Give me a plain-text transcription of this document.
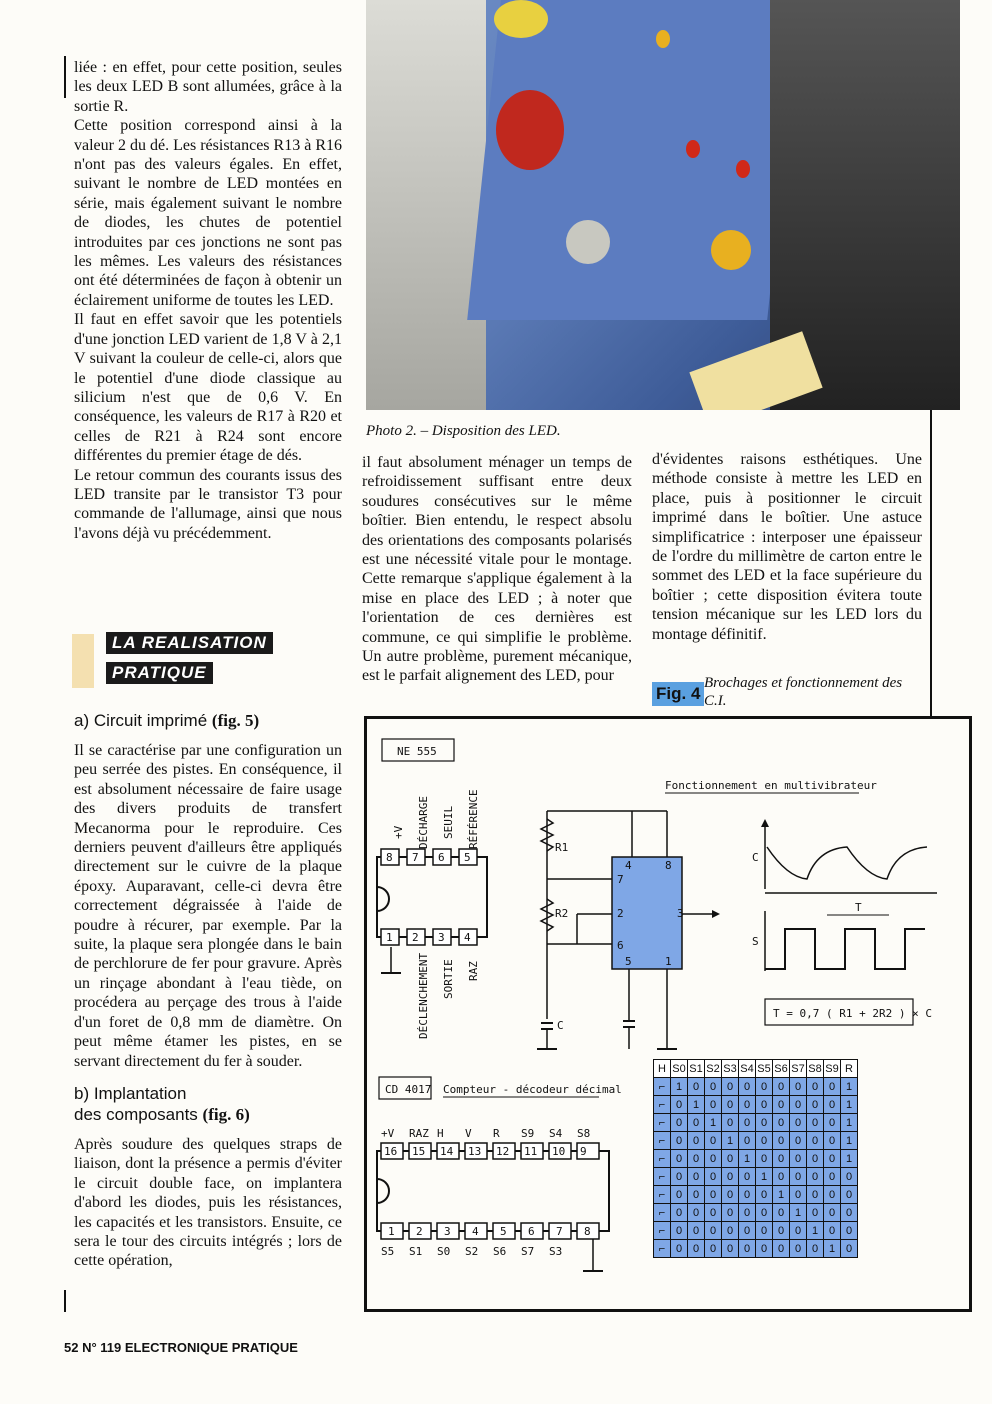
Photo 2. – Disposition des LED.

liée : en effet, pour cette position, seules les deux LED B sont allumées, grâce à la sortie R.

Cette position correspond ainsi à la valeur 2 du dé. Les résistances R13 à R16 n'ont pas des valeurs égales. En effet, suivant le nombre de LED montées en série, mais également suivant le nombre de diodes, les chutes de potentiel introduites par ces jonctions ne sont pas les mêmes. Les valeurs des résistances ont été déterminées de façon à obtenir un éclairement uniforme de toutes les LED.

Il faut en effet savoir que les potentiels d'une jonction LED varient de 1,8 V à 2,1 V suivant la couleur de celle-ci, alors que le potentiel d'une diode classique au silicium n'est que de 0,6 V. En conséquence, les valeurs de R17 à R20 et celles de R21 à R24 sont encore différentes du premier étage de dés.

Le retour commun des courants issus des LED transite par le transistor T3 pour commande de l'allumage, ainsi que nous l'avons déjà vu précédemment.

LA REALISATION
PRATIQUE

a) Circuit imprimé (fig. 5)

Il se caractérise par une configuration un peu serrée des pistes. En conséquence, il est absolument nécessaire de faire usage des divers produits de transfert Mecanorma pour le reproduire. Ces derniers peuvent d'ailleurs être appliqués directement sur le cuivre de la plaque époxy. Auparavant, celle-ci devra être correctement dégraissée à l'aide de poudre à récurer, par exemple. Par la suite, la plaque sera plongée dans le bain de perchlorure de fer pour gravure. Après un rinçage abondant à l'eau tiède, on procédera au perçage des trous à l'aide d'un foret de 0,8 mm de diamètre. On peut même étamer les pistes, en se servant directement du fer à souder.

b) Implantation
des composants (fig. 6)

Après soudure des quelques straps de liaison, dont la présence a permis d'éviter le circuit double face, on implantera d'abord les diodes, puis les résistances, les capacités et les transistors. Ensuite, ce sera le tour des circuits intégrés ; lors de cette opération,

il faut absolument ménager un temps de refroidissement suffisant entre deux soudures consécutives sur le même boîtier. Bien entendu, le respect absolu des orientations des composants polarisés est une nécessité vitale pour le montage. Cette remarque s'applique également à la mise en place des LED ; à noter que l'orientation de ces dernières est commune, ce qui simplifie le problème. Un autre problème, purement mécanique, est le parfait alignement des LED, pour

d'évidentes raisons esthétiques. Une méthode consiste à mettre les LED en place, puis à positionner le circuit imprimé dans le boîtier. Une astuce simplificatrice : interposer une épaisseur de l'ordre du millimètre de carton entre le sommet des LED et la face supérieure du boîtier ; cette disposition évitera toute tension mécanique sur les LED lors du montage définitif.

Fig. 4
Brochages et fonctionnement des C.I.
NE 555
+V DÉCHARGE SEUIL RÉFÉRENCE
8 7 6 5
1 2 3 4
DÉCLENCHEMENT SORTIE RAZ
R1
R2
C
4	8
7
2	3
6
5	1
Fonctionnement en multivibrateur
C
S
T
T = 0,7 ( R1 + 2R2 ) × C
CD 4017 Compteur - décodeur décimal
16 15 14 13 12 11 10 9
+V RAZ H V R S9 S4 S8
1 2 3 4 5 6 7 8
S5 S1 S0 S2 S6 S7 S3
H	S0	S1	S2	S3	S4	S5	S6	S7	S8	S9	R
⌐	1	0	0	0	0	0	0	0	0	0	1
⌐	0	1	0	0	0	0	0	0	0	0	1
⌐	0	0	1	0	0	0	0	0	0	0	1
⌐	0	0	0	1	0	0	0	0	0	0	1
⌐	0	0	0	0	1	0	0	0	0	0	1
⌐	0	0	0	0	0	1	0	0	0	0	0
⌐	0	0	0	0	0	0	1	0	0	0	0
⌐	0	0	0	0	0	0	0	1	0	0	0
⌐	0	0	0	0	0	0	0	0	1	0	0
⌐	0	0	0	0	0	0	0	0	0	1	0
52 N° 119 ELECTRONIQUE PRATIQUE
